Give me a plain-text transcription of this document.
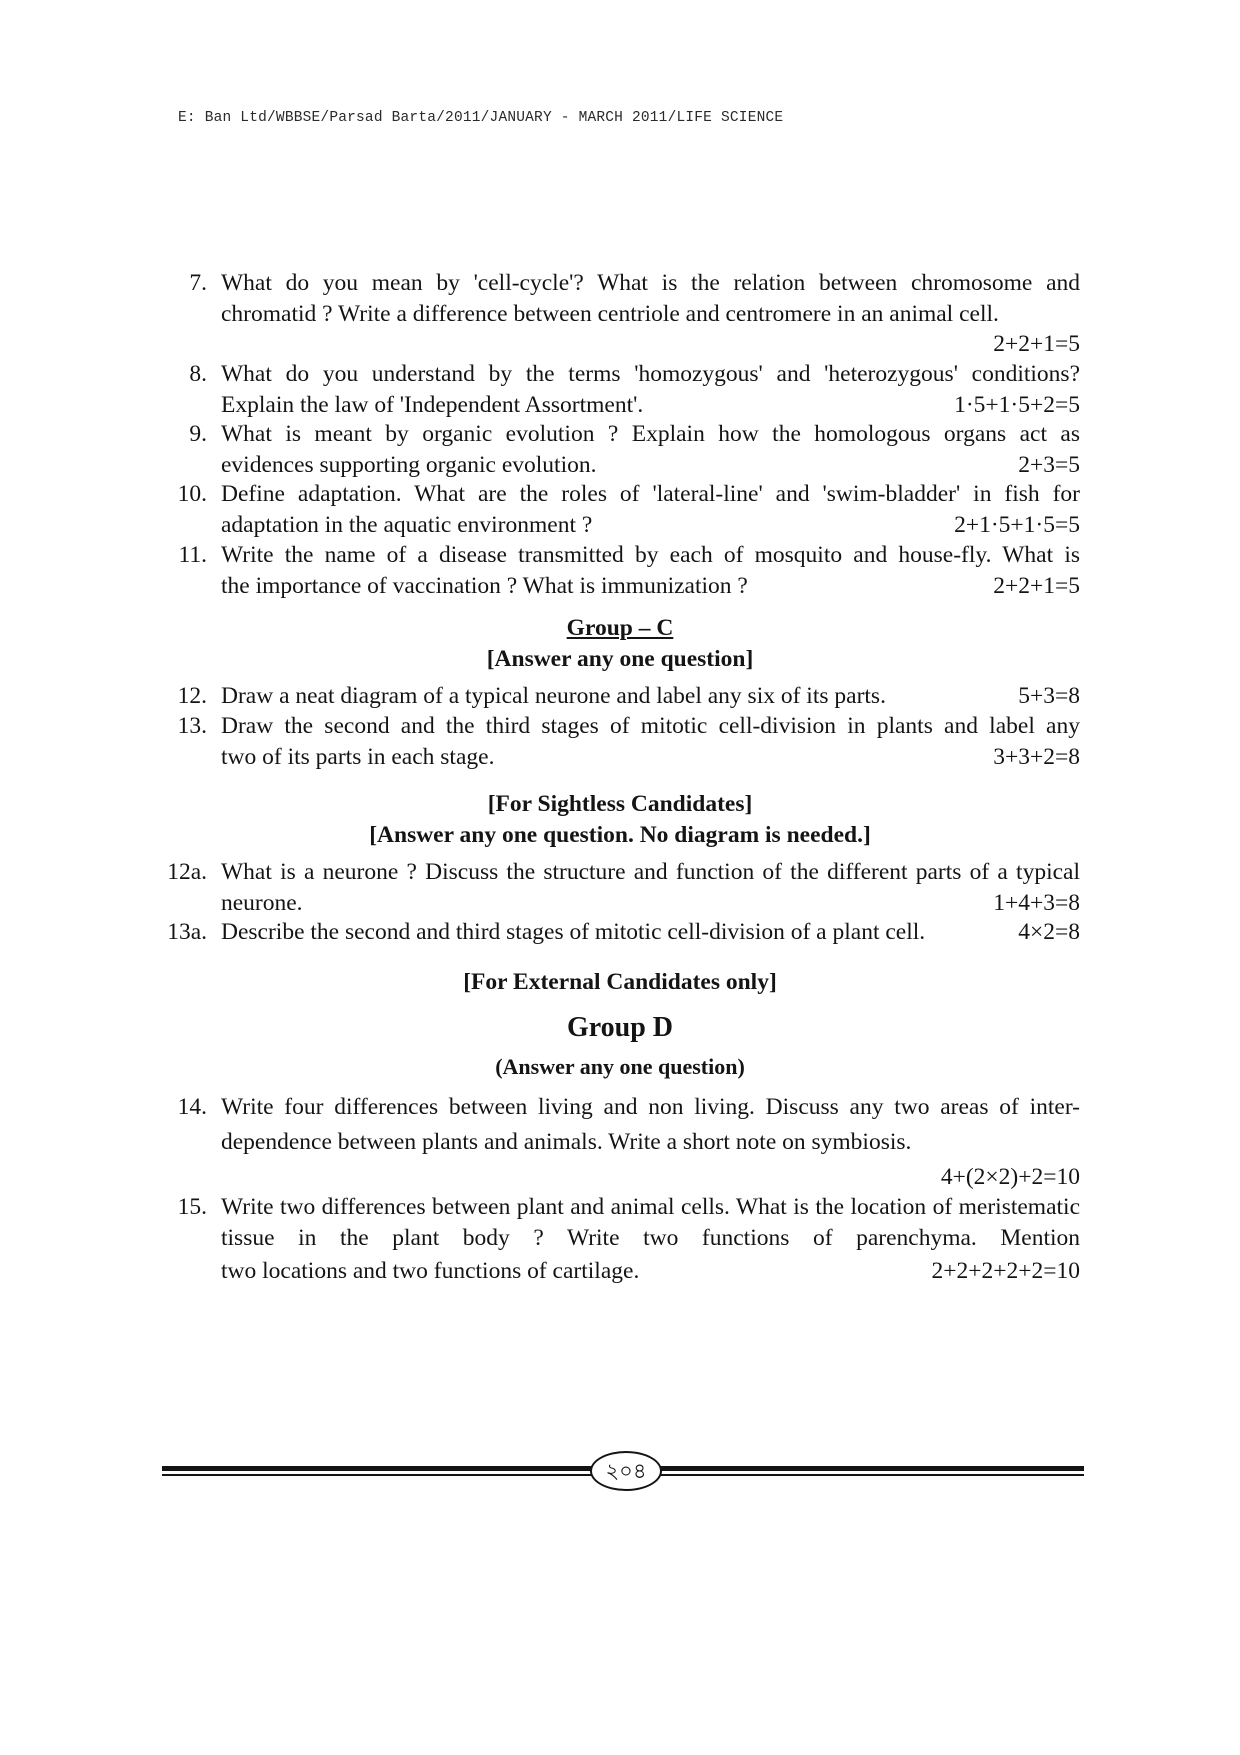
E: Ban Ltd/WBBSE/Parsad Barta/2011/JANUARY - MARCH 2011/LIFE SCIENCE
7. What do you mean by 'cell-cycle'? What is the relation between chromosome and chromatid ? Write a difference between centriole and centromere in an animal cell.
2+2+1=5
8. What do you understand by the terms 'homozygous' and 'heterozygous' conditions?
1·5+1·5+2=5
Explain the law of 'Independent Assortment'.
9. What is meant by organic evolution ? Explain how the homologous organs act as
2+3=5
evidences supporting organic evolution.
10. Define adaptation. What are the roles of 'lateral-line' and 'swim-bladder' in fish for
2+1·5+1·5=5
adaptation in the aquatic environment ?
11. Write the name of a disease transmitted by each of mosquito and house-fly. What is
2+2+1=5
the importance of vaccination ? What is immunization ?
Group – C
[Answer any one question]
12.	5+3=8
Draw a neat diagram of a typical neurone and label any six of its parts.
13. Draw the second and the third stages of mitotic cell-division in plants and label any
3+3+2=8
two of its parts in each stage.
[For Sightless Candidates]
[Answer any one question. No diagram is needed.]
12a. What is a neurone ? Discuss the structure and function of the different parts of a typical
1+4+3=8
neurone.
13a.	4×2=8
Describe the second and third stages of mitotic cell-division of a plant cell.
[For External Candidates only]
Group D
(Answer any one question)
14. Write four differences between living and non living. Discuss any two areas of inter-dependence between plants and animals. Write a short note on symbiosis.
4+(2×2)+2=10
15. Write two differences between plant and animal cells. What is the location of meristematic tissue in the plant body ? Write two functions of parenchyma. Mention
2+2+2+2+2=10
two locations and two functions of cartilage.
২০৪
